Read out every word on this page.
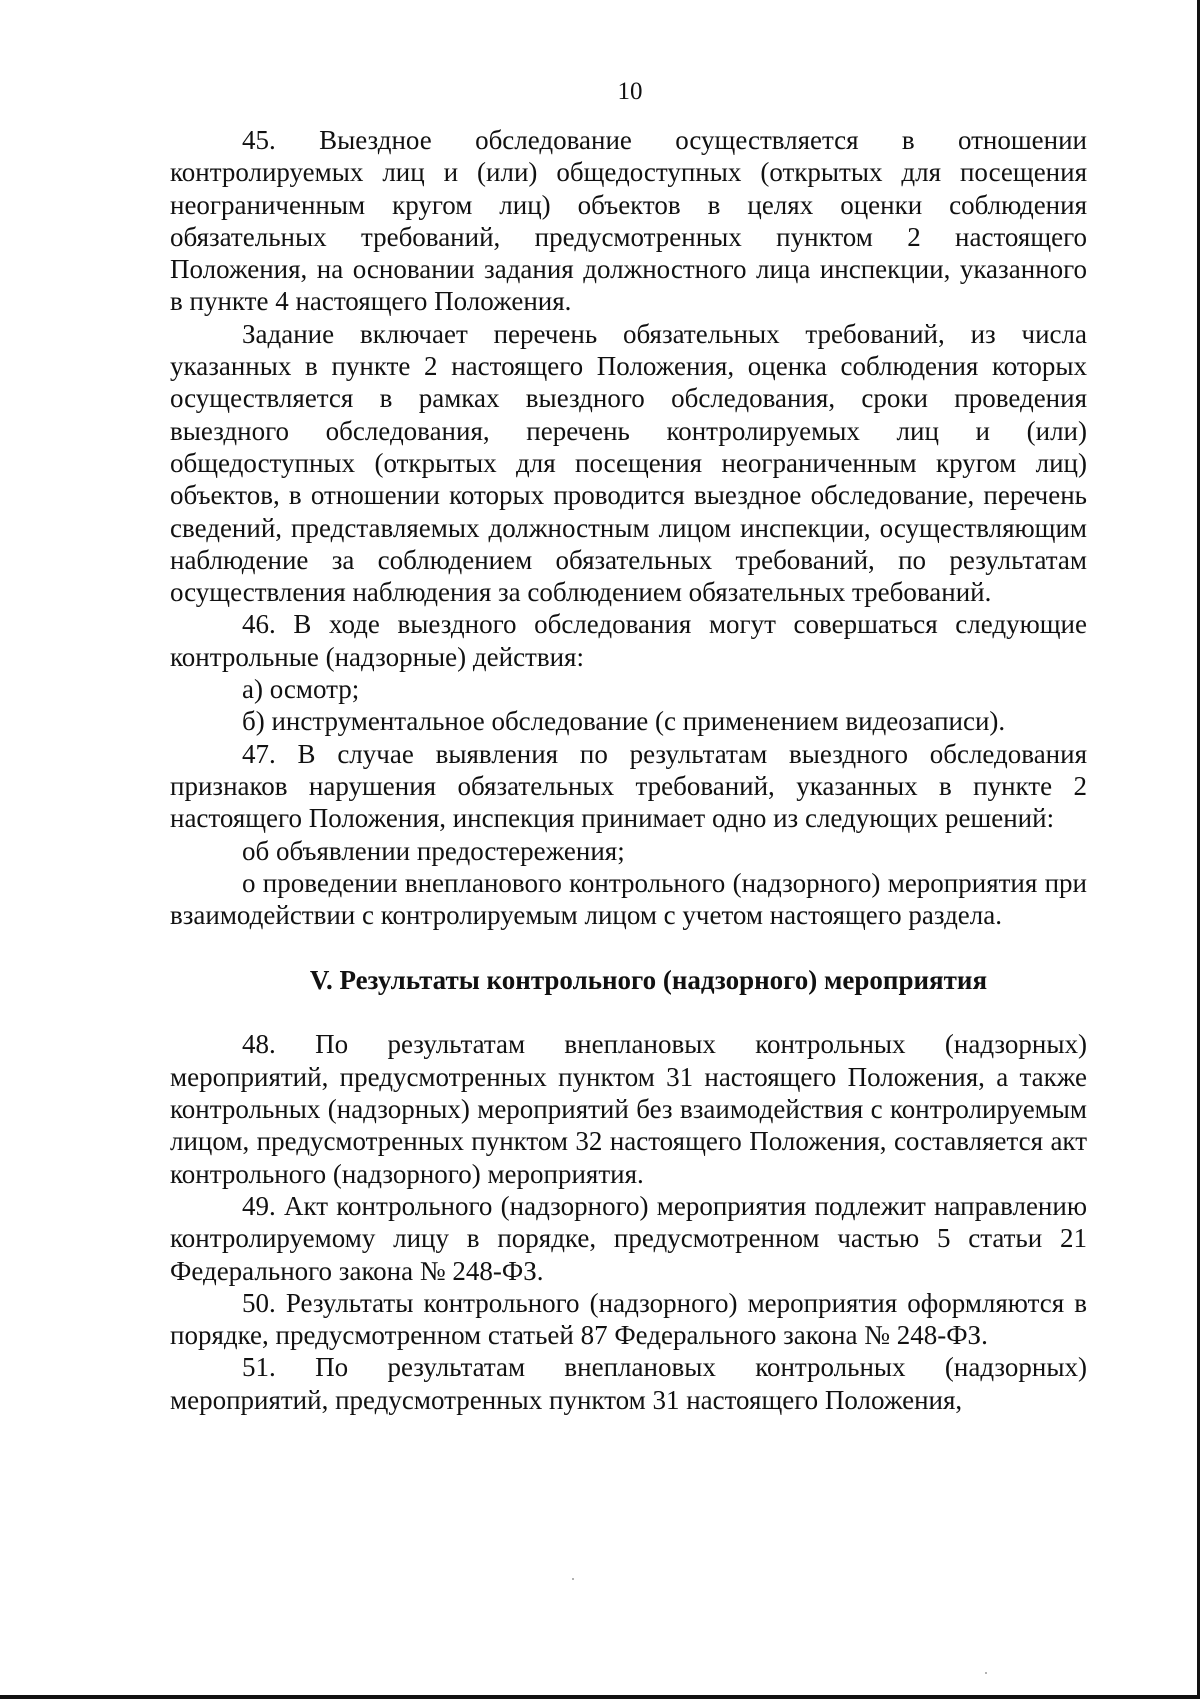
10

45. Выездное обследование осуществляется в отношении контролируемых лиц и (или) общедоступных (открытых для посещения неограниченным кругом лиц) объектов в целях оценки соблюдения обязательных требований, предусмотренных пунктом 2 настоящего Положения, на основании задания должностного лица инспекции, указанного в пункте 4 настоящего Положения.

Задание включает перечень обязательных требований, из числа указанных в пункте 2 настоящего Положения, оценка соблюдения которых осуществляется в рамках выездного обследования, сроки проведения выездного обследования, перечень контролируемых лиц и (или) общедоступных (открытых для посещения неограниченным кругом лиц) объектов, в отношении которых проводится выездное обследование, перечень сведений, представляемых должностным лицом инспекции, осуществляющим наблюдение за соблюдением обязательных требований, по результатам осуществления наблюдения за соблюдением обязательных требований.

46. В ходе выездного обследования могут совершаться следующие контрольные (надзорные) действия:

а) осмотр;

б) инструментальное обследование (с применением видеозаписи).

47. В случае выявления по результатам выездного обследования признаков нарушения обязательных требований, указанных в пункте 2 настоящего Положения, инспекция принимает одно из следующих решений:

об объявлении предостережения;

о проведении внепланового контрольного (надзорного) мероприятия при взаимодействии с контролируемым лицом с учетом настоящего раздела.

V. Результаты контрольного (надзорного) мероприятия

48. По результатам внеплановых контрольных (надзорных) мероприятий, предусмотренных пунктом 31 настоящего Положения, а также контрольных (надзорных) мероприятий без взаимодействия с контролируемым лицом, предусмотренных пунктом 32 настоящего Положения, составляется акт контрольного (надзорного) мероприятия.

49. Акт контрольного (надзорного) мероприятия подлежит направлению контролируемому лицу в порядке, предусмотренном частью 5 статьи 21 Федерального закона № 248-ФЗ.

50. Результаты контрольного (надзорного) мероприятия оформляются в порядке, предусмотренном статьей 87 Федерального закона № 248-ФЗ.

51. По результатам внеплановых контрольных (надзорных) мероприятий, предусмотренных пунктом 31 настоящего Положения,
